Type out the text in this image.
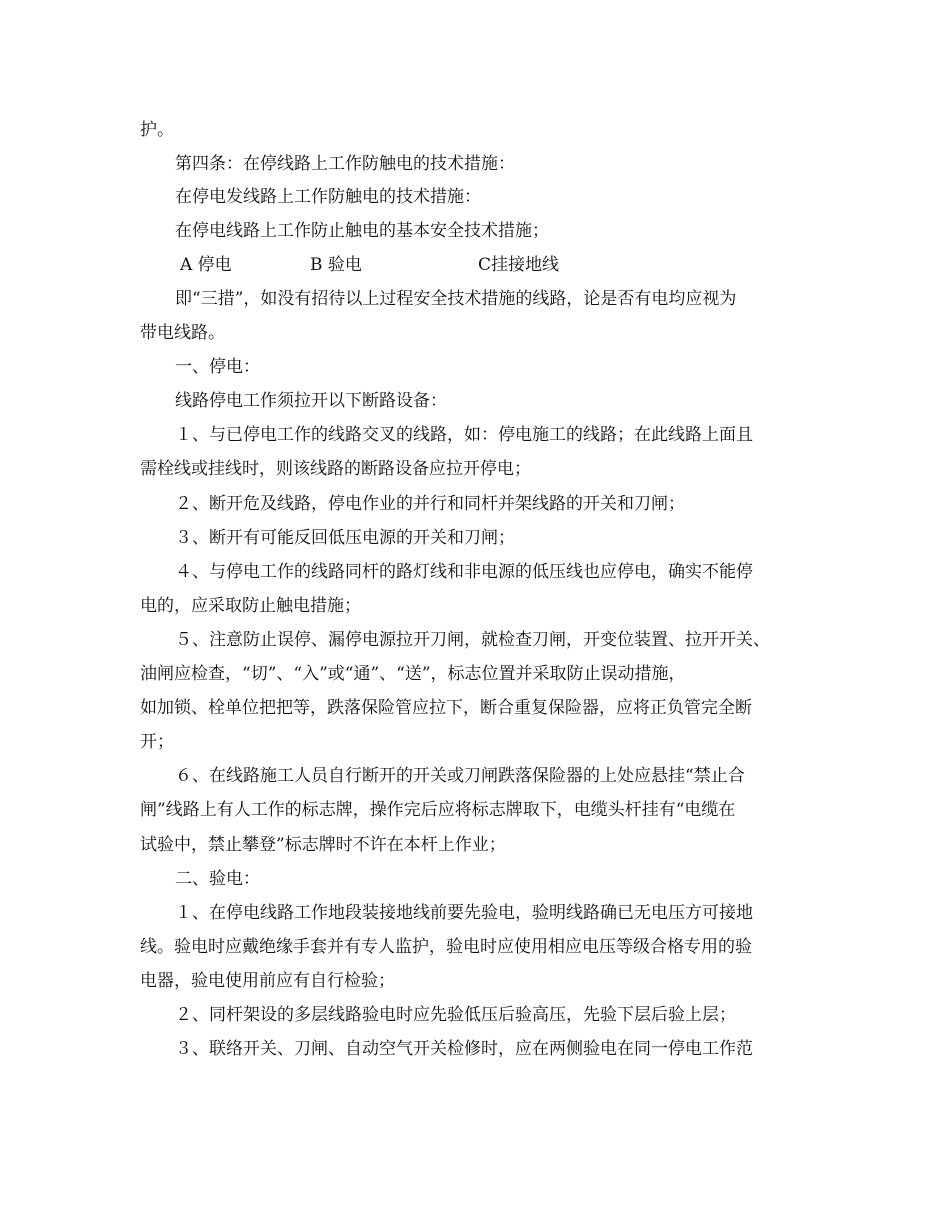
护。
第四条：在停线路上工作防触电的技术措施：
在停电发线路上工作防触电的技术措施：
在停电线路上工作防止触电的基本安全技术措施；
A 停电	B 验电	C挂接地线
即“三措”，如没有招待以上过程安全技术措施的线路，论是否有电均应视为
带电线路。
一、停电：
线路停电工作须拉开以下断路设备：
１、与已停电工作的线路交叉的线路，如：停电施工的线路；在此线路上面且
需栓线或挂线时，则该线路的断路设备应拉开停电；
２、断开危及线路，停电作业的并行和同杆并架线路的开关和刀闸；
３、断开有可能反回低压电源的开关和刀闸；
４、与停电工作的线路同杆的路灯线和非电源的低压线也应停电，确实不能停
电的，应采取防止触电措施；
５、注意防止误停、漏停电源拉开刀闸，就检查刀闸，开变位装置、拉开开关、
油闸应检查，“切”、“入”或“通”、“送”，标志位置并采取防止误动措施，
如加锁、栓单位把把等，跌落保险管应拉下，断合重复保险器，应将正负管完全断
开；
６、在线路施工人员自行断开的开关或刀闸跌落保险器的上处应悬挂“禁止合
闸”线路上有人工作的标志牌，操作完后应将标志牌取下，电缆头杆挂有“电缆在
试验中，禁止攀登”标志牌时不许在本杆上作业；
二、验电：
１、在停电线路工作地段装接地线前要先验电，验明线路确已无电压方可接地
线。验电时应戴绝缘手套并有专人监护，验电时应使用相应电压等级合格专用的验
电器，验电使用前应有自行检验；
２、同杆架设的多层线路验电时应先验低压后验高压，先验下层后验上层；
３、联络开关、刀闸、自动空气开关检修时，应在两侧验电在同一停电工作范
